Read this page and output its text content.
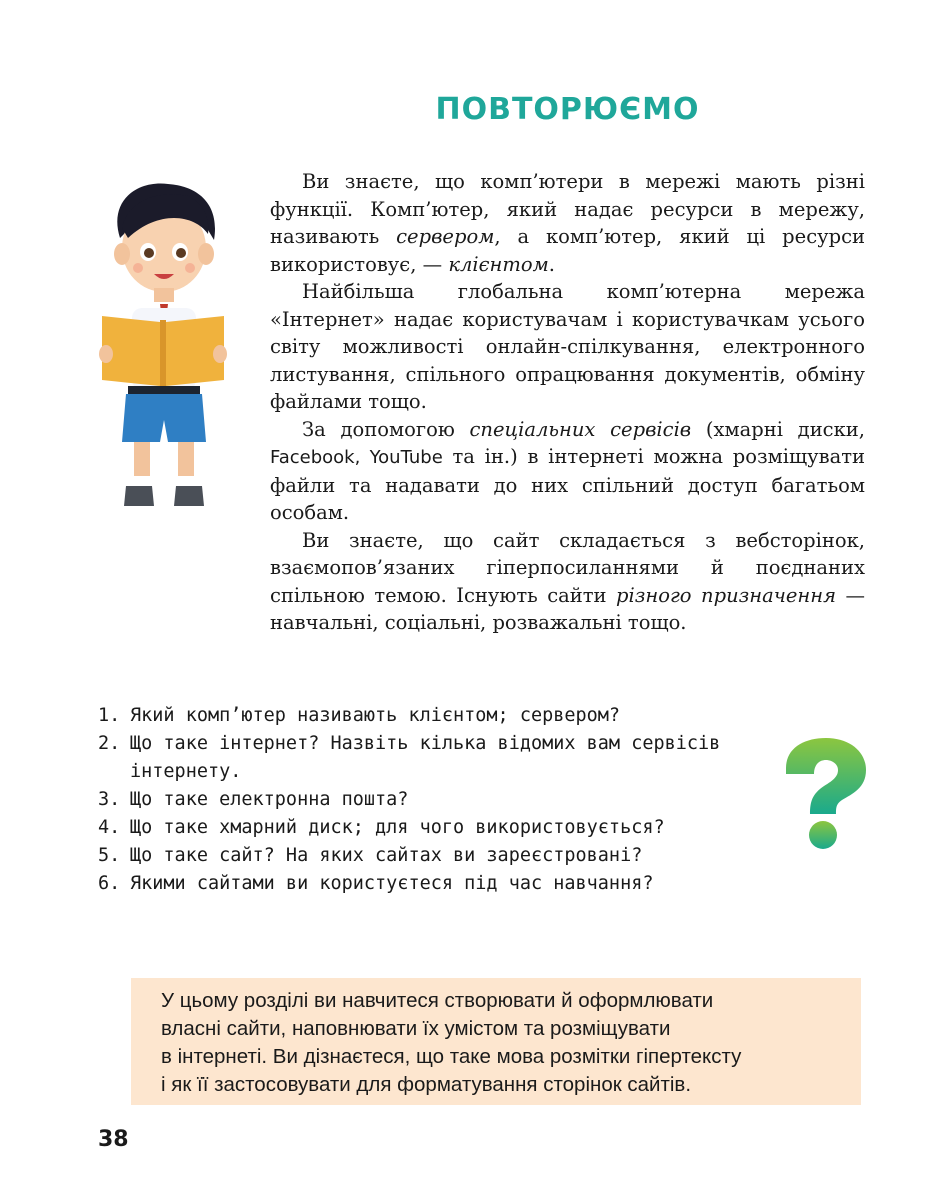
ПОВТОРЮЄМО

Ви знаєте, що комп’ютери в мережі мають різні функції. Комп’ютер, який надає ресурси в мережу, називають сервером, а комп’ютер, який ці ресурси використовує, — клієнтом.

Найбільша глобальна комп’ютерна мережа «Інтернет» надає користувачам і користувачкам усього світу можливості онлайн-спілкування, електронного листування, спільного опрацювання документів, обміну файлами тощо.

За допомогою спеціальних сервісів (хмарні диски, Facebook, YouTube та ін.) в інтернеті можна розміщувати файли та надавати до них спільний доступ багатьом особам.

Ви знаєте, що сайт складається з вебсторінок, взаємопов’язаних гіперпосиланнями й поєднаних спільною темою. Існують сайти різного призначення — навчальні, соціальні, розважальні тощо.

1. Який комп’ютер називають клієнтом; сервером?
2. Що таке інтернет? Назвіть кілька відомих вам сервісів інтернету.
3. Що таке електронна пошта?
4. Що таке хмарний диск; для чого використовується?
5. Що таке сайт? На яких сайтах ви зареєстровані?
6. Якими сайтами ви користуєтеся під час навчання?
У цьому розділі ви навчитеся створювати й оформлювати
власні сайти, наповнювати їх умістом та розміщувати
в інтернеті. Ви дізнаєтеся, що таке мова розмітки гіпертексту
і як її застосовувати для форматування сторінок сайтів.
38
